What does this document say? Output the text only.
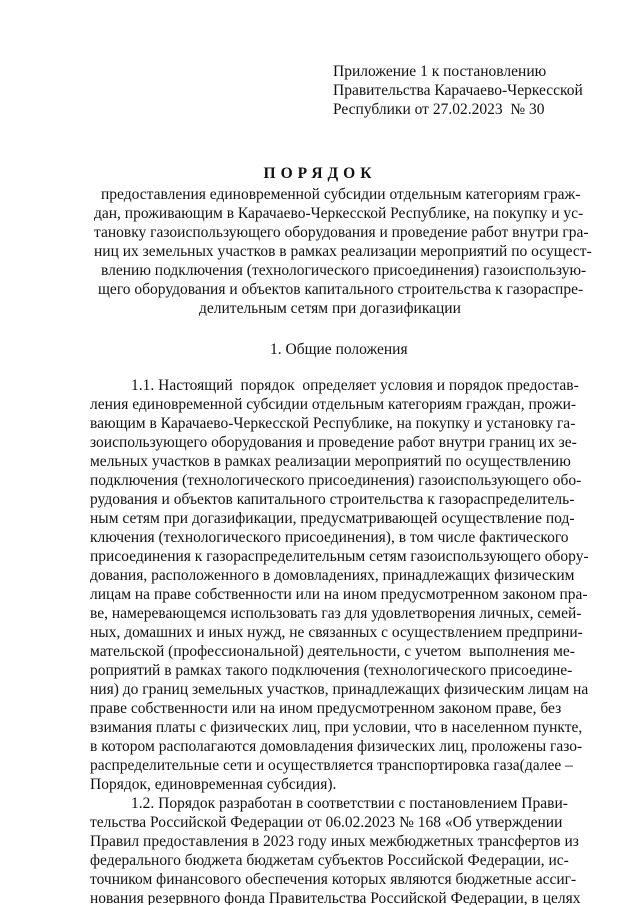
Приложение 1 к постановлению
Правительства Карачаево-Черкесской
Республики от 27.02.2023  № 30
ПОРЯДОК
предоставления единовременной субсидии отдельным категориям граж-
дан, проживающим в Карачаево-Черкесской Республике, на покупку и ус-
тановку газоиспользующего оборудования и проведение работ внутри гра-
ниц их земельных участков в рамках реализации мероприятий по осущест-
влению подключения (технологического присоединения) газоиспользую-
щего оборудования и объектов капитального строительства к газораспре-
делительным сетям при догазификации
1. Общие положения
1.1. Настоящий  порядок  определяет условия и порядок предостав-
ления единовременной субсидии отдельным категориям граждан, прожи-
вающим в Карачаево-Черкесской Республике, на покупку и установку га-
зоиспользующего оборудования и проведение работ внутри границ их зе-
мельных участков в рамках реализации мероприятий по осуществлению
подключения (технологического присоединения) газоиспользующего обо-
рудования и объектов капитального строительства к газораспределитель-
ным сетям при догазификации, предусматривающей осуществление под-
ключения (технологического присоединения), в том числе фактического
присоединения к газораспределительным сетям газоиспользующего обору-
дования, расположенного в домовладениях, принадлежащих физическим
лицам на праве собственности или на ином предусмотренном законом пра-
ве, намеревающемся использовать газ для удовлетворения личных, семей-
ных, домашних и иных нужд, не связанных с осуществлением предприни-
мательской (профессиональной) деятельности, с учетом  выполнения ме-
роприятий в рамках такого подключения (технологического присоедине-
ния) до границ земельных участков, принадлежащих физическим лицам на
праве собственности или на ином предусмотренном законом праве, без
взимания платы с физических лиц, при условии, что в населенном пункте,
в котором располагаются домовладения физических лиц, проложены газо-
распределительные сети и осуществляется транспортировка газа(далее –
Порядок, единовременная субсидия).
1.2. Порядок разработан в соответствии с постановлением Прави-
тельства Российской Федерации от 06.02.2023 № 168 «Об утверждении
Правил предоставления в 2023 году иных межбюджетных трансфертов из
федерального бюджета бюджетам субъектов Российской Федерации, ис-
точником финансового обеспечения которых являются бюджетные ассиг-
нования резервного фонда Правительства Российской Федерации, в целях
